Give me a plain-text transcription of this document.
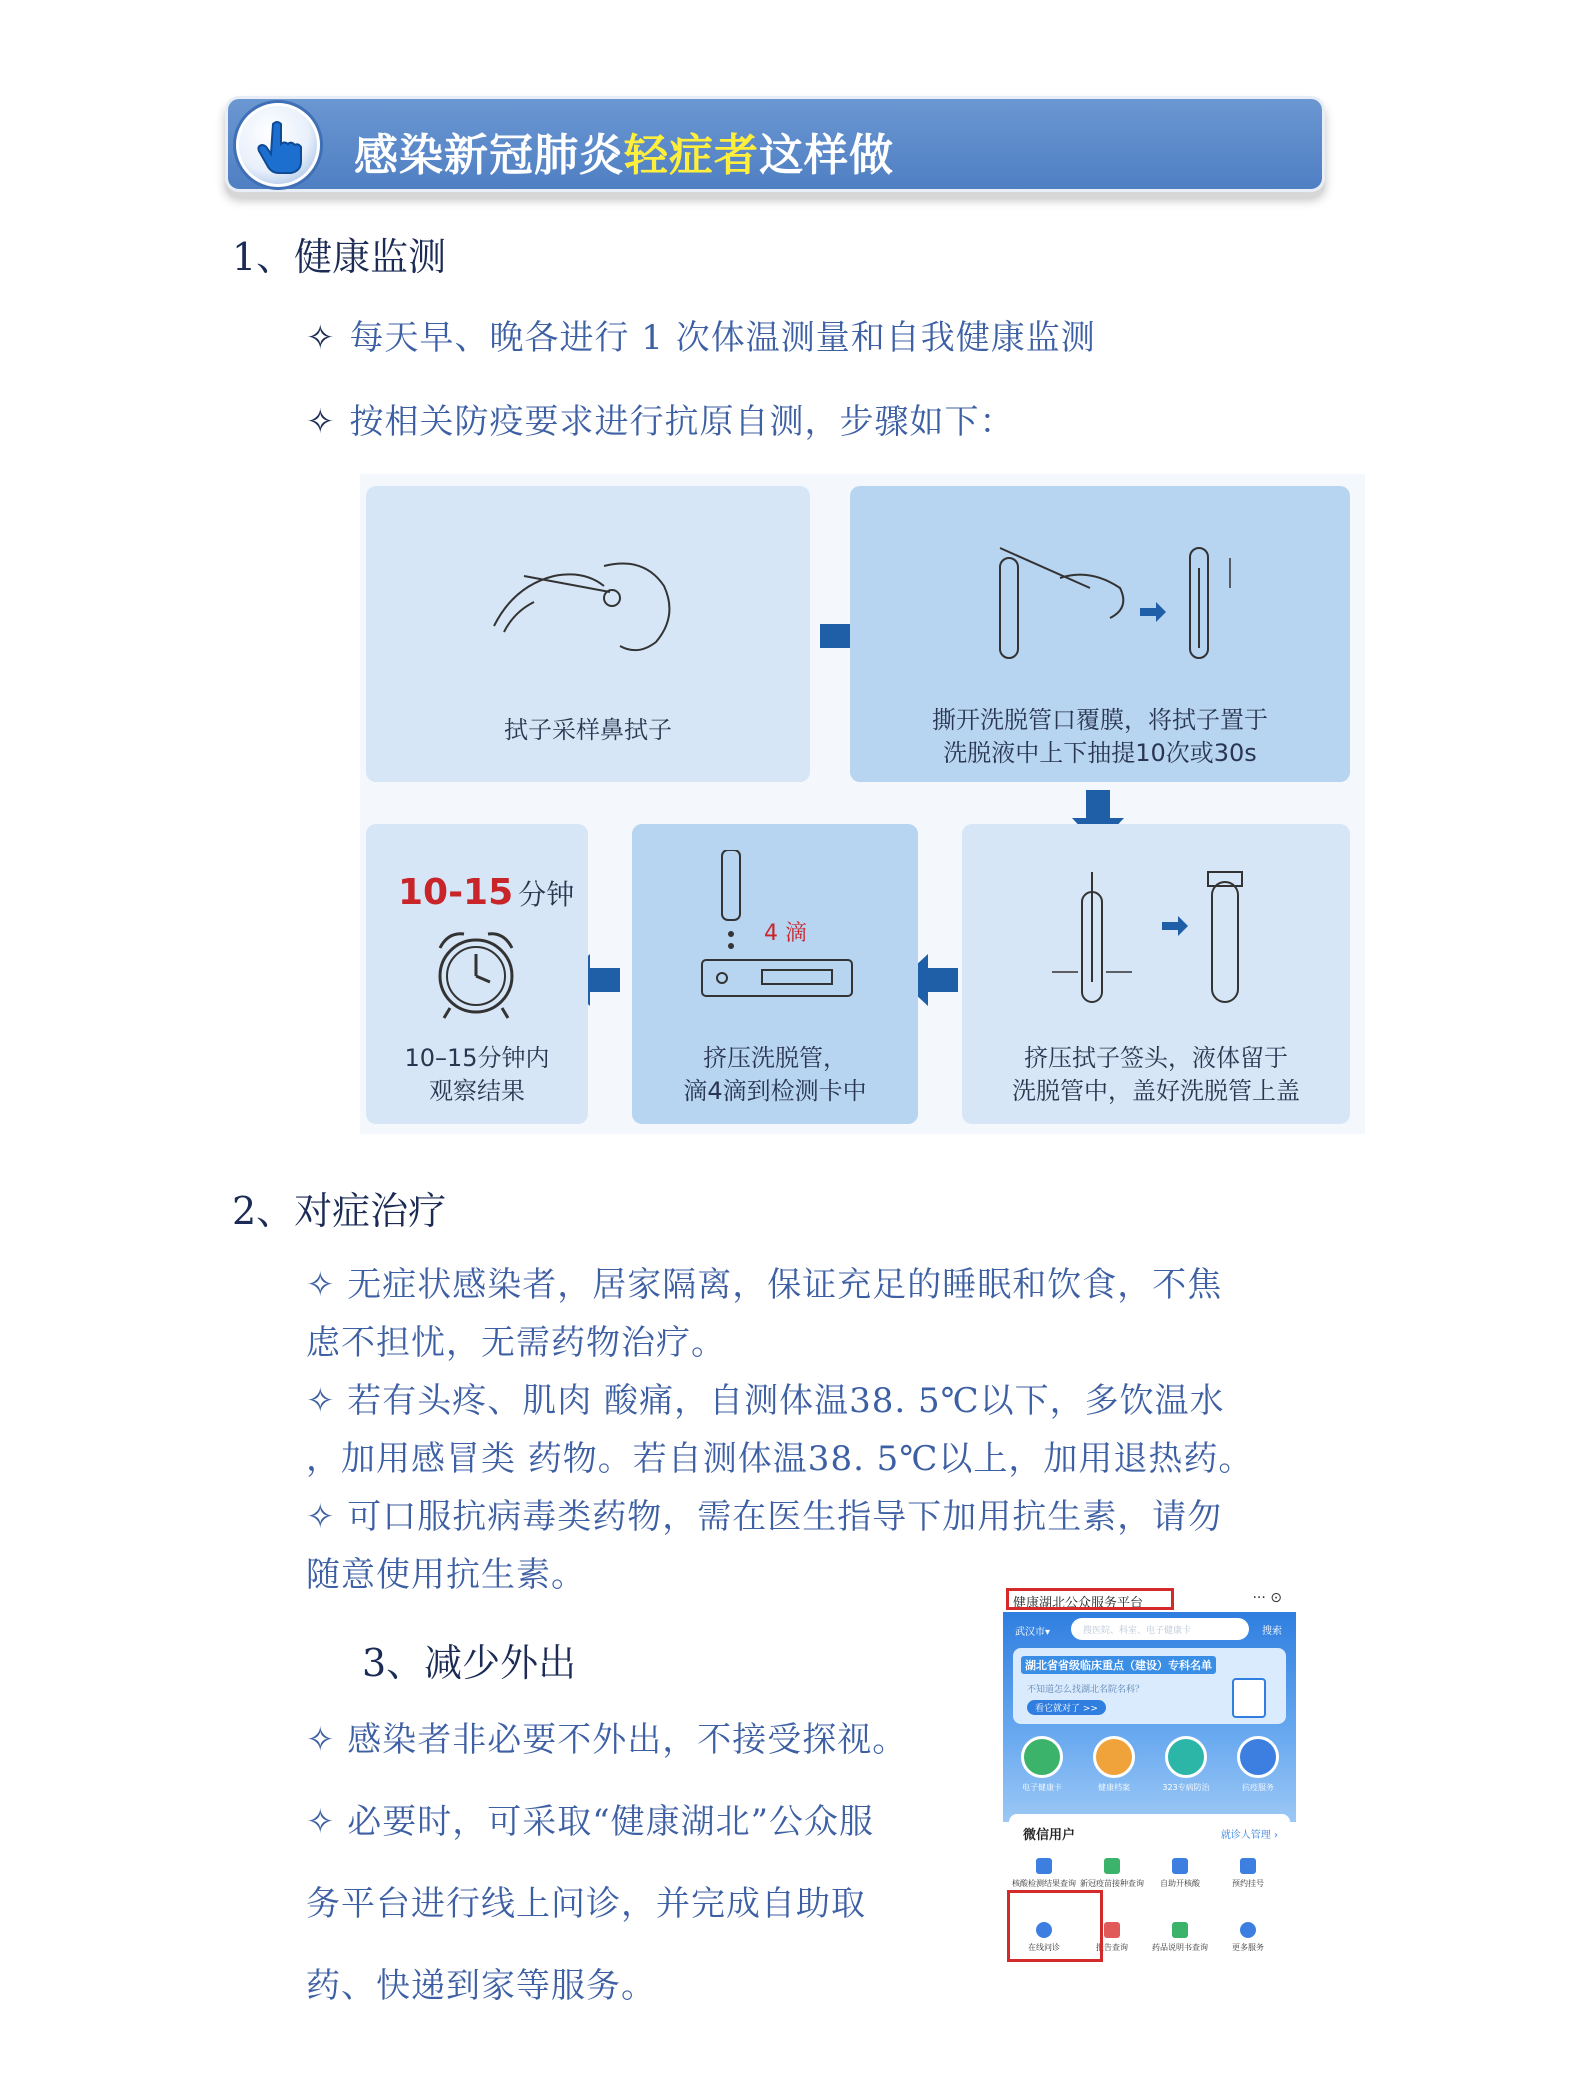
感染新冠肺炎轻症者这样做
1、健康监测
✧ 每天早、晚各进行 1 次体温测量和自我健康监测
✧ 按相关防疫要求进行抗原自测，步骤如下：
拭子采样鼻拭子	撕开洗脱管口覆膜，将拭子置于
洗脱液中上下抽提10次或30s
挤压拭子签头，液体留于
洗脱管中，盖好洗脱管上盖
4 滴
挤压洗脱管，
滴4滴到检测卡中
10-15 分钟
10–15分钟内
观察结果
2、对症治疗
✧ 无症状感染者，居家隔离，保证充足的睡眠和饮食，不焦
虑不担忧，无需药物治疗。
✧ 若有头疼、肌肉 酸痛，自测体温38. 5℃以下，多饮温水
，加用感冒类 药物。若自测体温38. 5℃以上，加用退热药。
✧ 可口服抗病毒类药物，需在医生指导下加用抗生素，请勿
随意使用抗生素。
3、减少外出
✧ 感染者非必要不外出，不接受探视。
✧ 必要时，可采取“健康湖北”公众服
务平台进行线上问诊，并完成自助取
药、快递到家等服务。
健康湖北公众服务平台	··· ⊙
武汉市▾	搜医院、科室、电子健康卡	搜索
湖北省省级临床重点（建设）专科名单
不知道怎么找湖北名院名科？
看它就对了 >>
电子健康卡	健康档案	323专病防治	抗疫服务
微信用户	就诊人管理 ›
核酸检测结果查询 新冠疫苗接种查询	自助开核酸	预约挂号
在线问诊	报告查询	药品说明书查询	更多服务
